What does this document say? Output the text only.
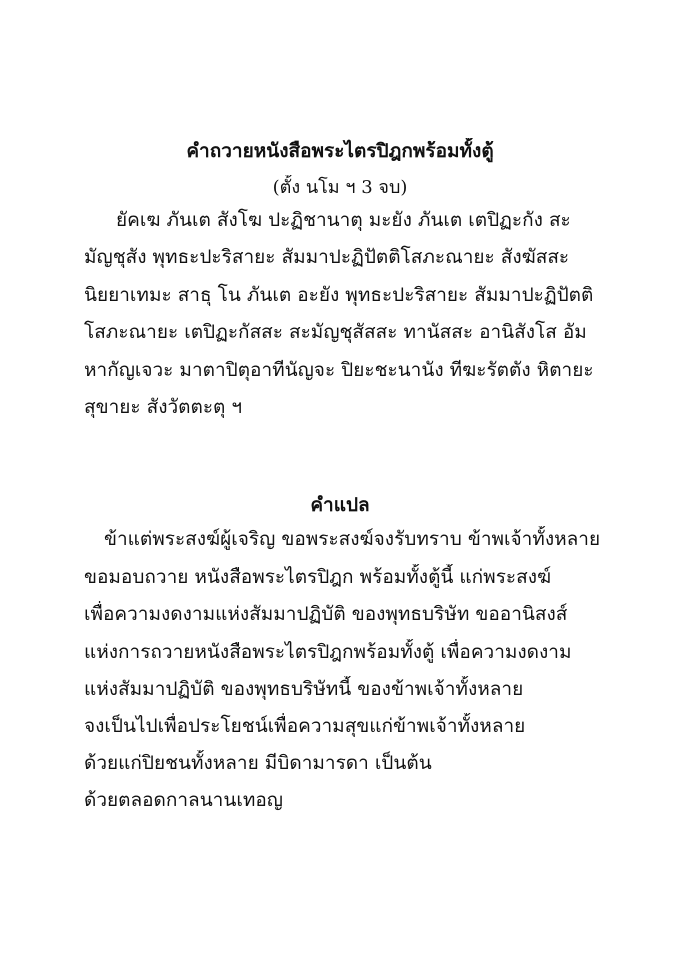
คำถวายหนังสือพระไตรปิฎกพร้อมทั้งตู้
(ตั้ง นโม ฯ 3 จบ)
ยัคเฆ ภันเต สังโฆ ปะฏิชานาตุ มะยัง ภันเต เตปิฏะกัง สะ
มัญชุสัง พุทธะปะริสายะ สัมมาปะฏิปัตติโสภะณายะ สังฆัสสะ
นิยยาเทมะ สาธุ โน ภันเต อะยัง พุทธะปะริสายะ สัมมาปะฏิปัตติ
โสภะณายะ เตปิฏะกัสสะ สะมัญชุสัสสะ ทานัสสะ อานิสังโส อัม
หากัญเจวะ มาตาปิตุอาทีนัญจะ ปิยะชะนานัง ทีฆะรัตตัง หิตายะ
สุขายะ สังวัตตะตุ ฯ
คำแปล
ข้าแต่พระสงฆ์ผู้เจริญ ขอพระสงฆ์จงรับทราบ ข้าพเจ้าทั้งหลาย
ขอมอบถวาย หนังสือพระไตรปิฎก พร้อมทั้งตู้นี้ แก่พระสงฆ์
เพื่อความงดงามแห่งสัมมาปฏิบัติ ของพุทธบริษัท ขออานิสงส์
แห่งการถวายหนังสือพระไตรปิฎกพร้อมทั้งตู้ เพื่อความงดงาม
แห่งสัมมาปฏิบัติ ของพุทธบริษัทนี้ ของข้าพเจ้าทั้งหลาย
จงเป็นไปเพื่อประโยชน์เพื่อความสุขแก่ข้าพเจ้าทั้งหลาย
ด้วยแก่ปิยชนทั้งหลาย มีบิดามารดา เป็นต้น
ด้วยตลอดกาลนานเทอญ
